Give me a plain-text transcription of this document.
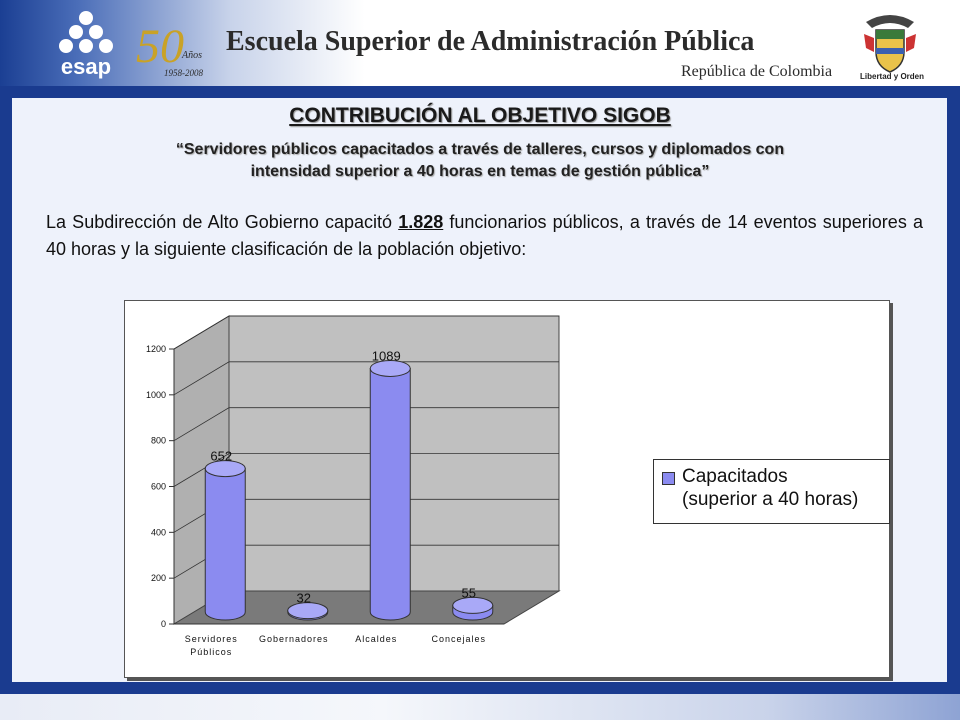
esap 50
Años
1958-2008
Escuela Superior de Administración Pública
República de Colombia	Libertad y Orden
CONTRIBUCIÓN AL OBJETIVO SIGOB
“Servidores públicos capacitados a través de talleres, cursos y diplomados con intensidad superior a 40 horas en temas de gestión pública”
La Subdirección de Alto Gobierno capacitó 1.828 funcionarios públicos, a través de 14 eventos superiores a 40 horas y la siguiente clasificación de la población objetivo:
0
200
400
600
800
1000
1200
652
Servidores
Públicos
32
Gobernadores
1089
Alcaldes
55
Concejales
Capacitados
(superior a 40 horas)
